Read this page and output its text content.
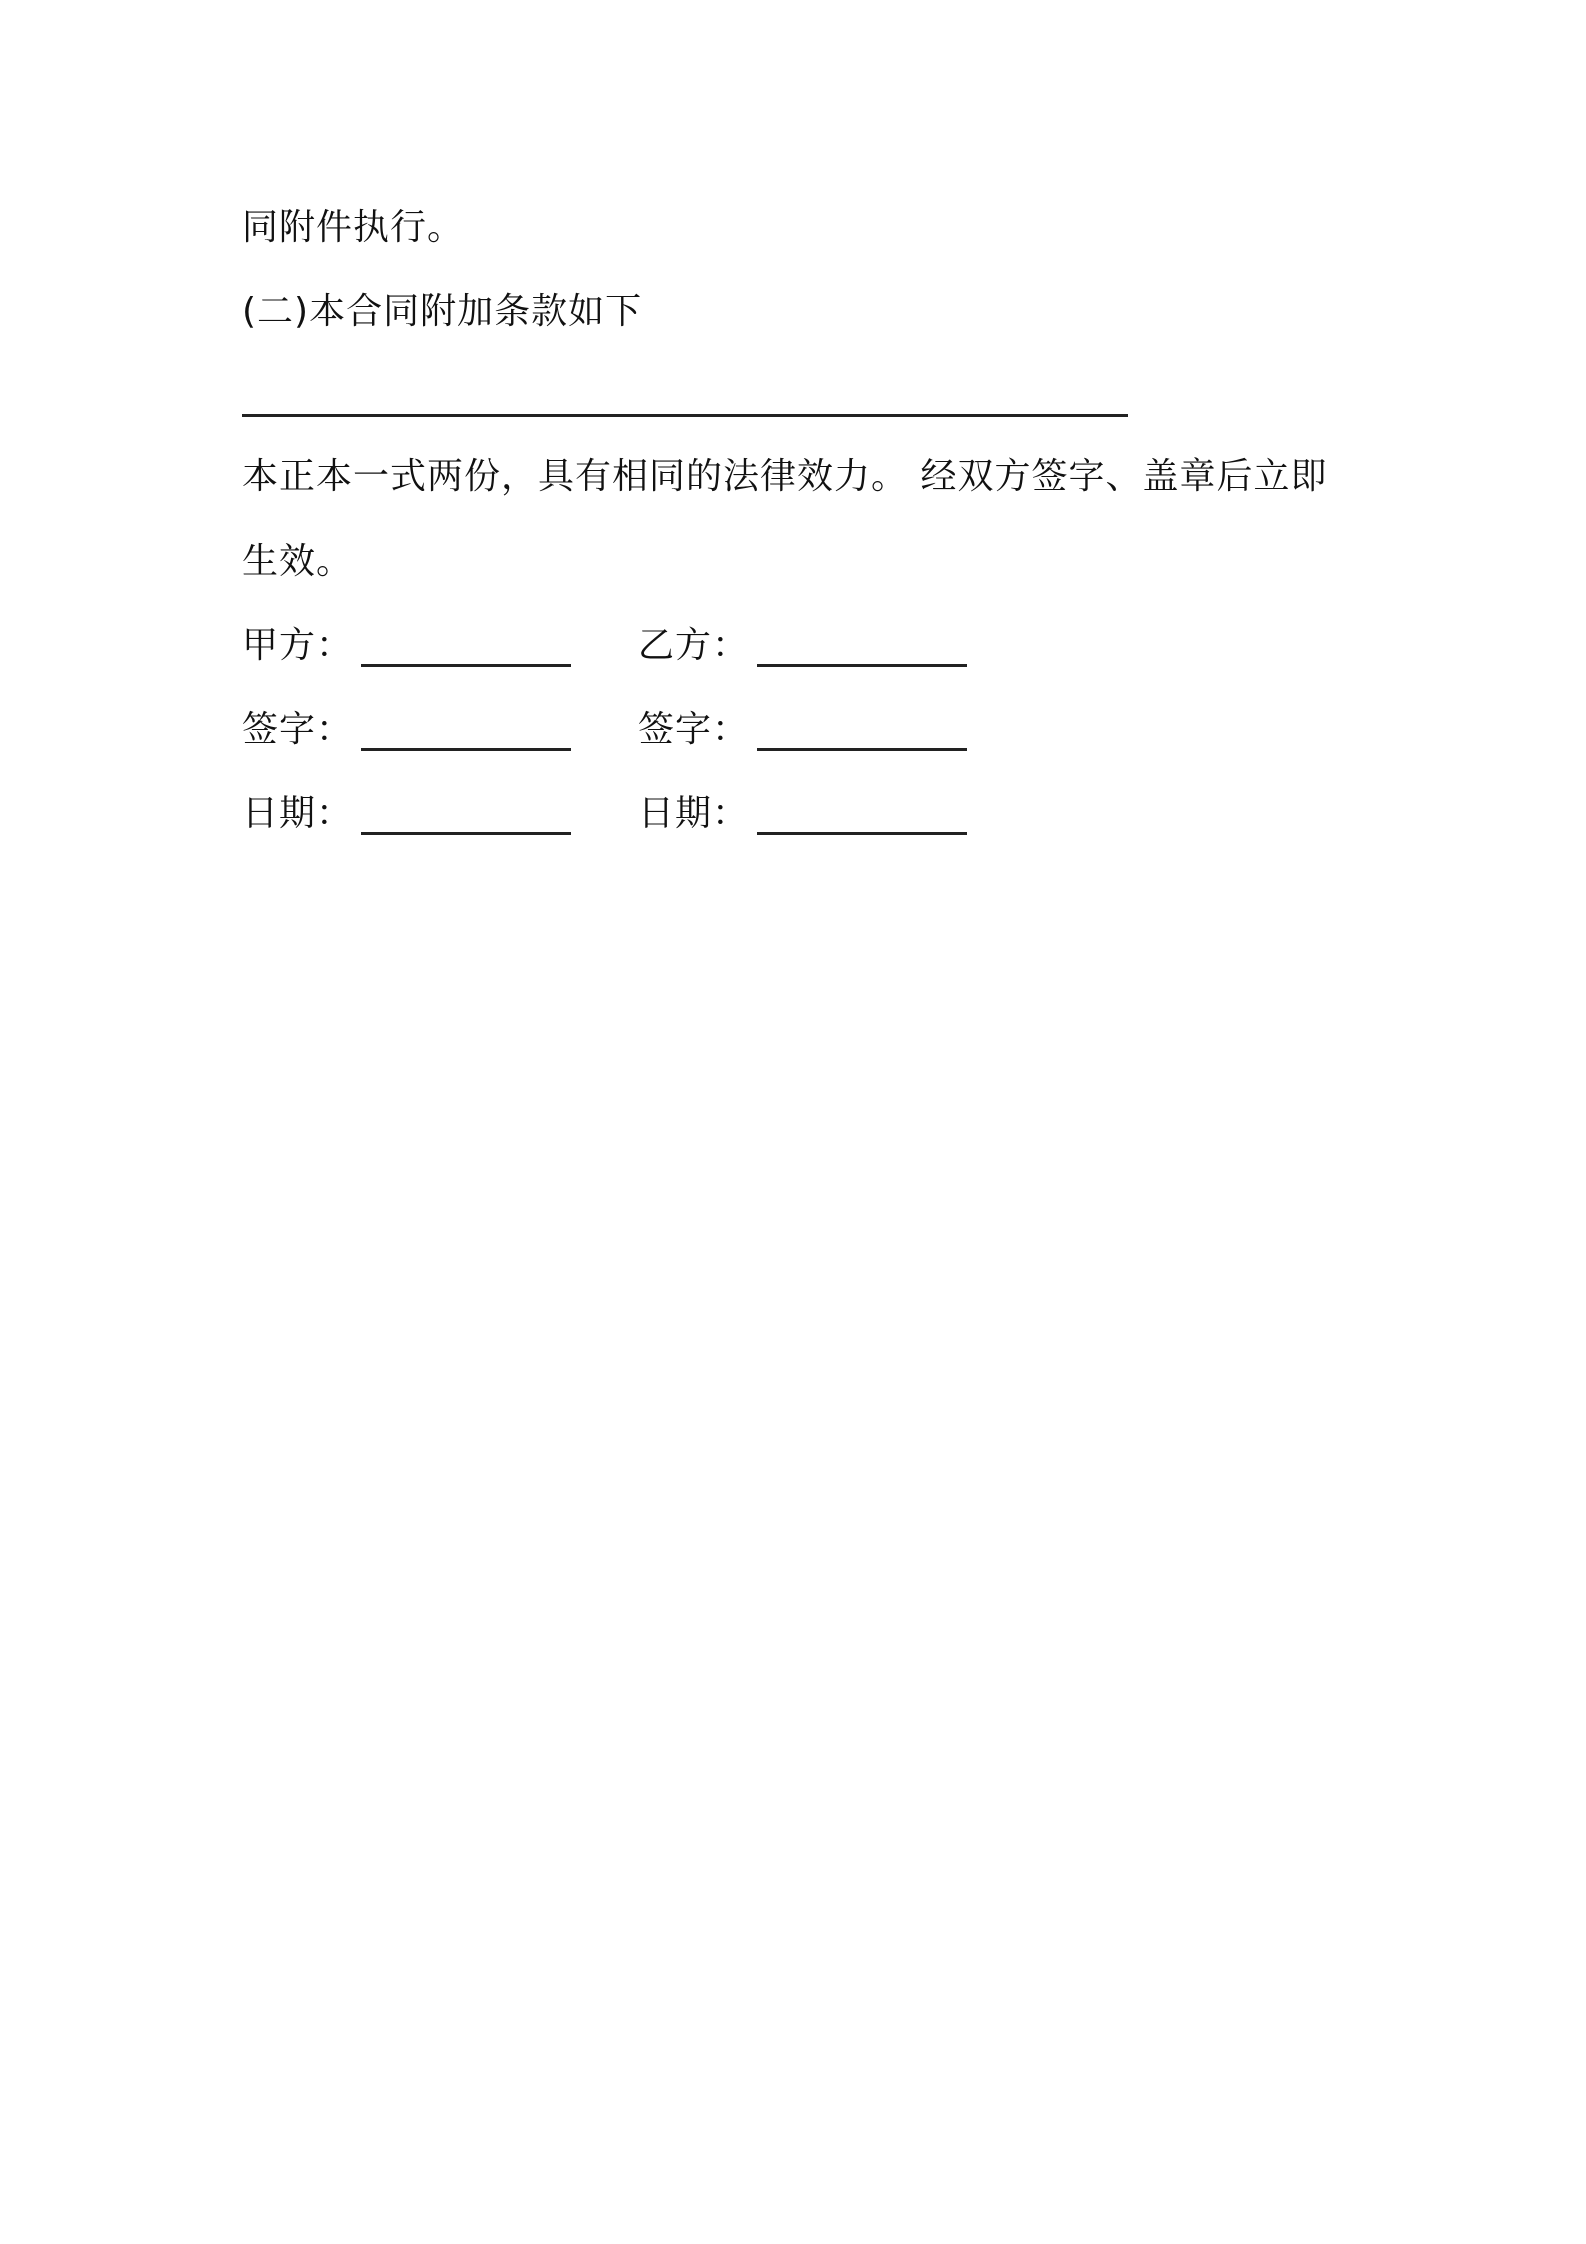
同附件执行。
(二)本合同附加条款如下
本正本一式两份，具有相同的法律效力。 经双方签字、盖章后立即
生效。
甲方：	乙方：
签字：	签字：
日期：	日期：
